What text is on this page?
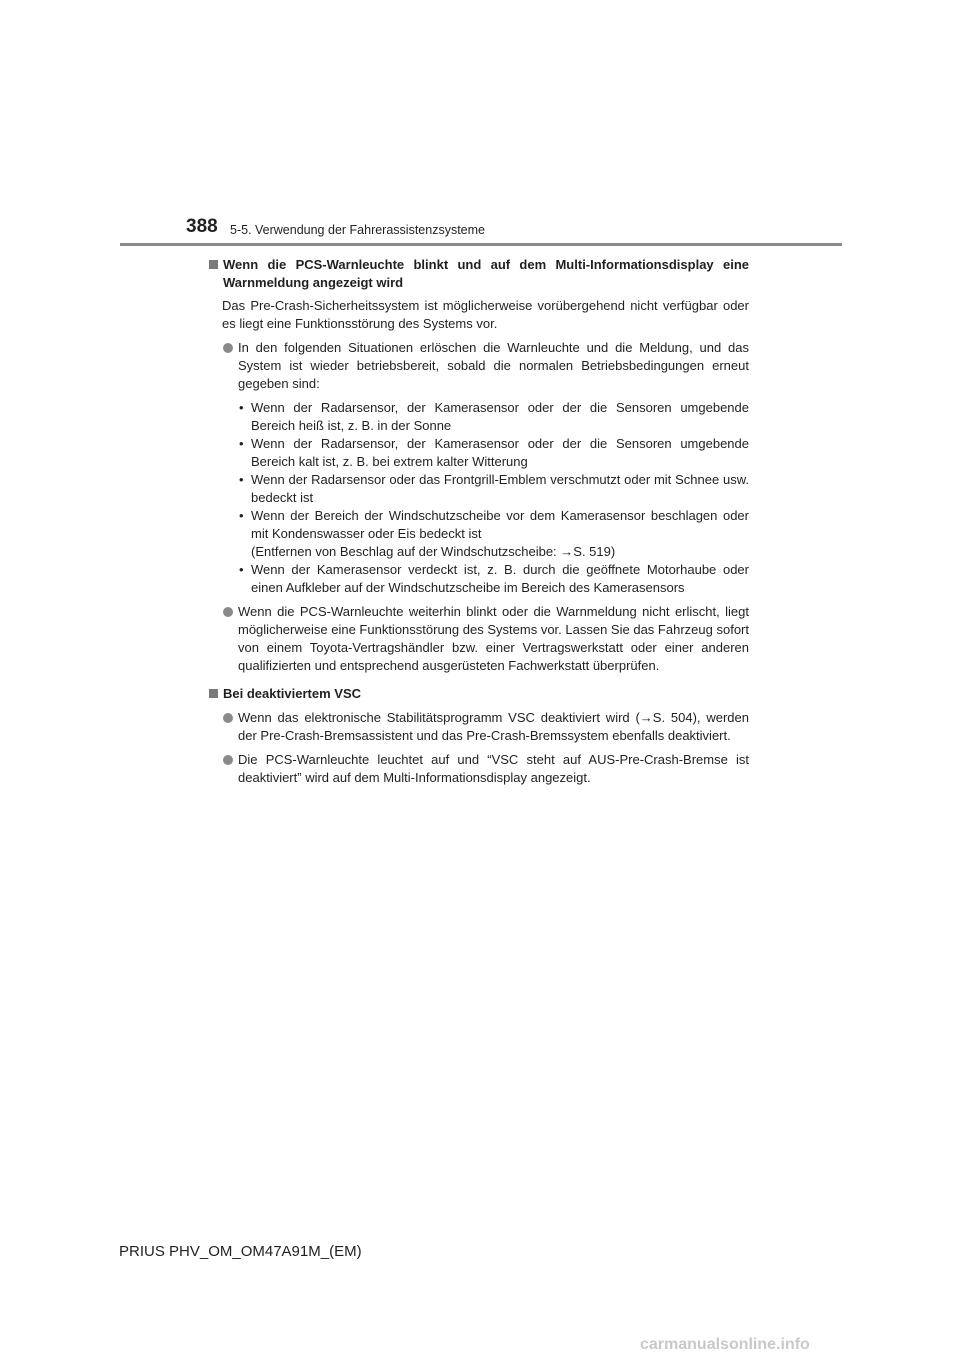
388 5-5. Verwendung der Fahrerassistenzsysteme
Wenn die PCS-Warnleuchte blinkt und auf dem Multi-Informationsdisplay eine Warnmeldung angezeigt wird
Das Pre-Crash-Sicherheitssystem ist möglicherweise vorübergehend nicht verfügbar oder es liegt eine Funktionsstörung des Systems vor.
In den folgenden Situationen erlöschen die Warnleuchte und die Meldung, und das System ist wieder betriebsbereit, sobald die normalen Betriebsbedingungen erneut gegeben sind:
• Wenn der Radarsensor, der Kamerasensor oder der die Sensoren umgebende Bereich heiß ist, z. B. in der Sonne
• Wenn der Radarsensor, der Kamerasensor oder der die Sensoren umgebende Bereich kalt ist, z. B. bei extrem kalter Witterung
• Wenn der Radarsensor oder das Frontgrill-Emblem verschmutzt oder mit Schnee usw. bedeckt ist
• Wenn der Bereich der Windschutzscheibe vor dem Kamerasensor beschlagen oder mit Kondenswasser oder Eis bedeckt ist
(Entfernen von Beschlag auf der Windschutzscheibe: →S. 519)
• Wenn der Kamerasensor verdeckt ist, z. B. durch die geöffnete Motorhaube oder einen Aufkleber auf der Windschutzscheibe im Bereich des Kamerasensors
Wenn die PCS-Warnleuchte weiterhin blinkt oder die Warnmeldung nicht erlischt, liegt möglicherweise eine Funktionsstörung des Systems vor. Lassen Sie das Fahrzeug sofort von einem Toyota-Vertragshändler bzw. einer Vertragswerkstatt oder einer anderen qualifizierten und entsprechend ausgerüsteten Fachwerkstatt überprüfen.
Bei deaktiviertem VSC
Wenn das elektronische Stabilitätsprogramm VSC deaktiviert wird (→S. 504), werden der Pre-Crash-Bremsassistent und das Pre-Crash-Bremssystem ebenfalls deaktiviert.
Die PCS-Warnleuchte leuchtet auf und “VSC steht auf AUS-Pre-Crash-Bremse ist deaktiviert” wird auf dem Multi-Informationsdisplay angezeigt.
PRIUS PHV_OM_OM47A91M_(EM)
carmanualsonline.info
